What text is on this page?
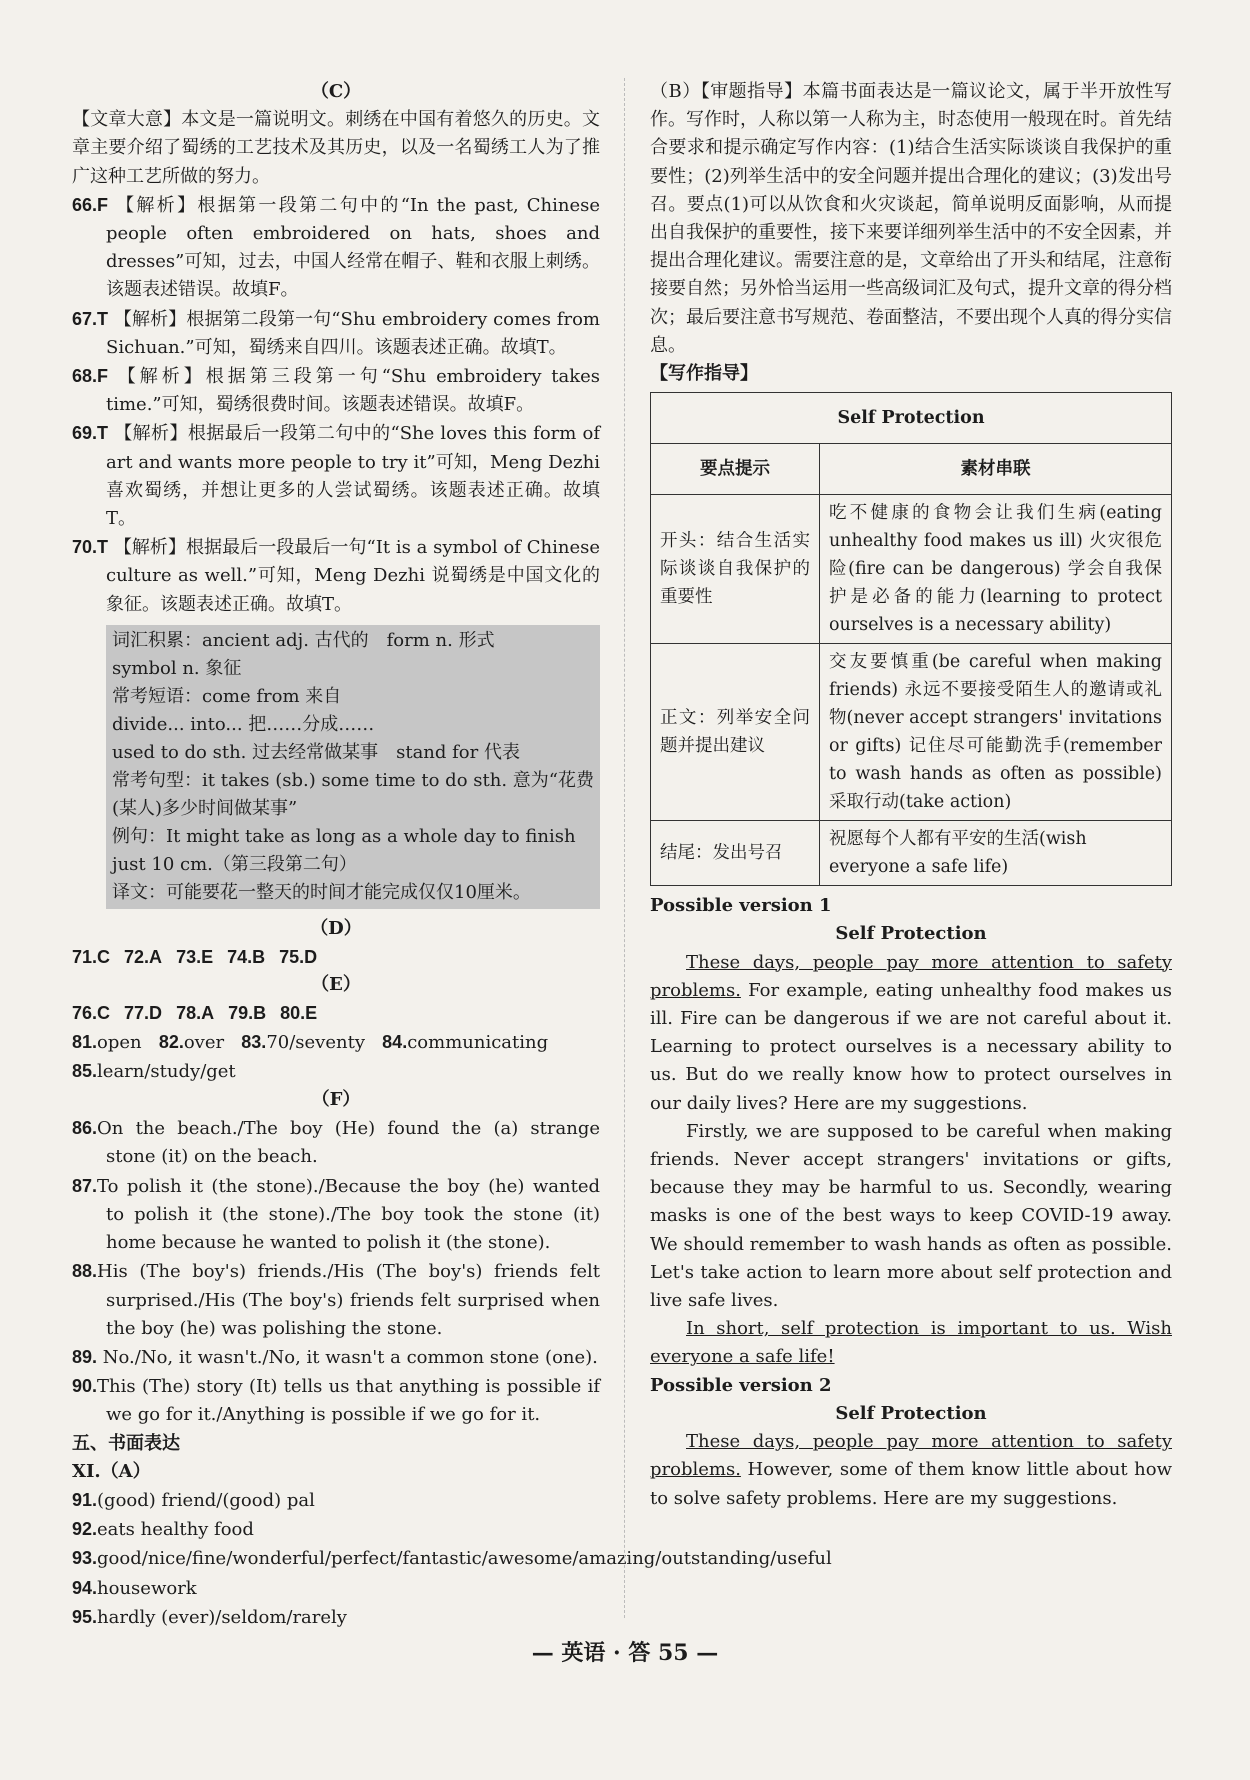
（C）
【文章大意】本文是一篇说明文。刺绣在中国有着悠久的历史。文章主要介绍了蜀绣的工艺技术及其历史，以及一名蜀绣工人为了推广这种工艺所做的努力。
66.F 【解析】根据第一段第二句中的“In the past, Chinese people often embroidered on hats, shoes and dresses”可知，过去，中国人经常在帽子、鞋和衣服上刺绣。该题表述错误。故填F。
67.T 【解析】根据第二段第一句“Shu embroidery comes from Sichuan.”可知，蜀绣来自四川。该题表述正确。故填T。
68.F 【解析】根据第三段第一句“Shu embroidery takes time.”可知，蜀绣很费时间。该题表述错误。故填F。
69.T 【解析】根据最后一段第二句中的“She loves this form of art and wants more people to try it”可知，Meng Dezhi 喜欢蜀绣，并想让更多的人尝试蜀绣。该题表述正确。故填T。
70.T 【解析】根据最后一段最后一句“It is a symbol of Chinese culture as well.”可知，Meng Dezhi 说蜀绣是中国文化的象征。该题表述正确。故填T。
词汇积累：ancient adj. 古代的　form n. 形式
symbol n. 象征
常考短语：come from 来自
divide... into... 把……分成……
used to do sth. 过去经常做某事　stand for 代表
常考句型：it takes (sb.) some time to do sth. 意为“花费(某人)多少时间做某事”
例句：It might take as long as a whole day to finish just 10 cm.（第三段第二句）
译文：可能要花一整天的时间才能完成仅仅10厘米。
（D）
71.C 72.A 73.E 74.B 75.D
（E）
76.C 77.D 78.A 79.B 80.E
81.open 82.over 83.70/seventy 84.communicating
85.learn/study/get
（F）
86.On the beach./The boy (He) found the (a) strange stone (it) on the beach.
87.To polish it (the stone)./Because the boy (he) wanted to polish it (the stone)./The boy took the stone (it) home because he wanted to polish it (the stone).
88.His (The boy's) friends./His (The boy's) friends felt surprised./His (The boy's) friends felt surprised when the boy (he) was polishing the stone.
89. No./No, it wasn't./No, it wasn't a common stone (one).
90.This (The) story (It) tells us that anything is possible if we go for it./Anything is possible if we go for it.
五、书面表达
XI.（A）
91.(good) friend/(good) pal
92.eats healthy food
93.good/nice/fine/wonderful/perfect/fantastic/awesome/amazing/outstanding/useful
94.housework
95.hardly (ever)/seldom/rarely
（B）【审题指导】本篇书面表达是一篇议论文，属于半开放性写作。写作时，人称以第一人称为主，时态使用一般现在时。首先结合要求和提示确定写作内容：(1)结合生活实际谈谈自我保护的重要性；(2)列举生活中的安全问题并提出合理化的建议；(3)发出号召。要点(1)可以从饮食和火灾谈起，简单说明反面影响，从而提出自我保护的重要性，接下来要详细列举生活中的不安全因素，并提出合理化建议。需要注意的是，文章给出了开头和结尾，注意衔接要自然；另外恰当运用一些高级词汇及句式，提升文章的得分档次；最后要注意书写规范、卷面整洁，不要出现个人真的得分实信息。
【写作指导】
Self Protection	
要点提示	素材串联
开头：结合生活实际谈谈自我保护的重要性	吃不健康的食物会让我们生病(eating unhealthy food makes us ill) 火灾很危险(fire can be dangerous) 学会自我保护是必备的能力(learning to protect ourselves is a necessary ability)
正文：列举安全问题并提出建议	交友要慎重(be careful when making friends) 永远不要接受陌生人的邀请或礼物(never accept strangers' invitations or gifts) 记住尽可能勤洗手(remember to wash hands as often as possible) 采取行动(take action)
结尾：发出号召	祝愿每个人都有平安的生活(wish everyone a safe life)
Possible version 1
Self Protection
These days, people pay more attention to safety problems. For example, eating unhealthy food makes us ill. Fire can be dangerous if we are not careful about it. Learning to protect ourselves is a necessary ability to us. But do we really know how to protect ourselves in our daily lives? Here are my suggestions.
Firstly, we are supposed to be careful when making friends. Never accept strangers' invitations or gifts, because they may be harmful to us. Secondly, wearing masks is one of the best ways to keep COVID-19 away. We should remember to wash hands as often as possible. Let's take action to learn more about self protection and live safe lives.
In short, self protection is important to us. Wish everyone a safe life!
Possible version 2
Self Protection
These days, people pay more attention to safety problems. However, some of them know little about how to solve safety problems. Here are my suggestions.
— 英语 · 答 55 —
